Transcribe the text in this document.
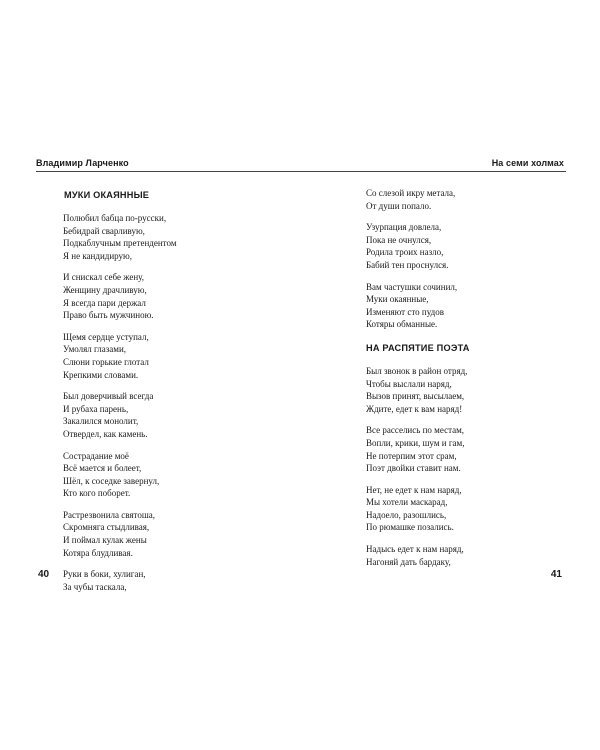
Владимир Ларченко	На семи холмах
МУКИ ОКАЯННЫЕ
Полюбил бабца по-русски,
Бебидрай сварливую,
Подкаблучным претендентом
Я не кандидирую,
И снискал себе жену,
Женщину драчливую,
Я всегда пари держал
Право быть мужчиною.
Щемя сердце уступал,
Умолял глазами,
Слюни горькие глотал
Крепкими словами.
Был доверчивый всегда
И рубаха парень,
Закалился монолит,
Отвердел, как камень.
Сострадание моё
Всё мается и болеет,
Шёл, к соседке завернул,
Кто кого поборет.
Растрезвонила святоша,
Скромняга стыдливая,
И поймал кулак жены
Котяра блудливая.
Руки в боки, хулиган,
За чубы таскала,
Со слезой икру метала,
От души попало.
Узурпация довлела,
Пока не очнулся,
Родила троих назло,
Бабий тен проснулся.
Вам частушки сочинил,
Муки окаянные,
Изменяют сто пудов
Котяры обманные.
НА РАСПЯТИЕ ПОЭТА
Был звонок в район отряд,
Чтобы выслали наряд,
Вызов принят, высылаем,
Ждите, едет к вам наряд!
Все расселись по местам,
Вопли, крики, шум и гам,
Не потерпим этот срам,
Поэт двойки ставит нам.
Нет, не едет к нам наряд,
Мы хотели маскарад,
Надоело, разошлись,
По рюмашке позались.
Надысь едет к нам наряд,
Нагоняй дать бардаку,
40	41
